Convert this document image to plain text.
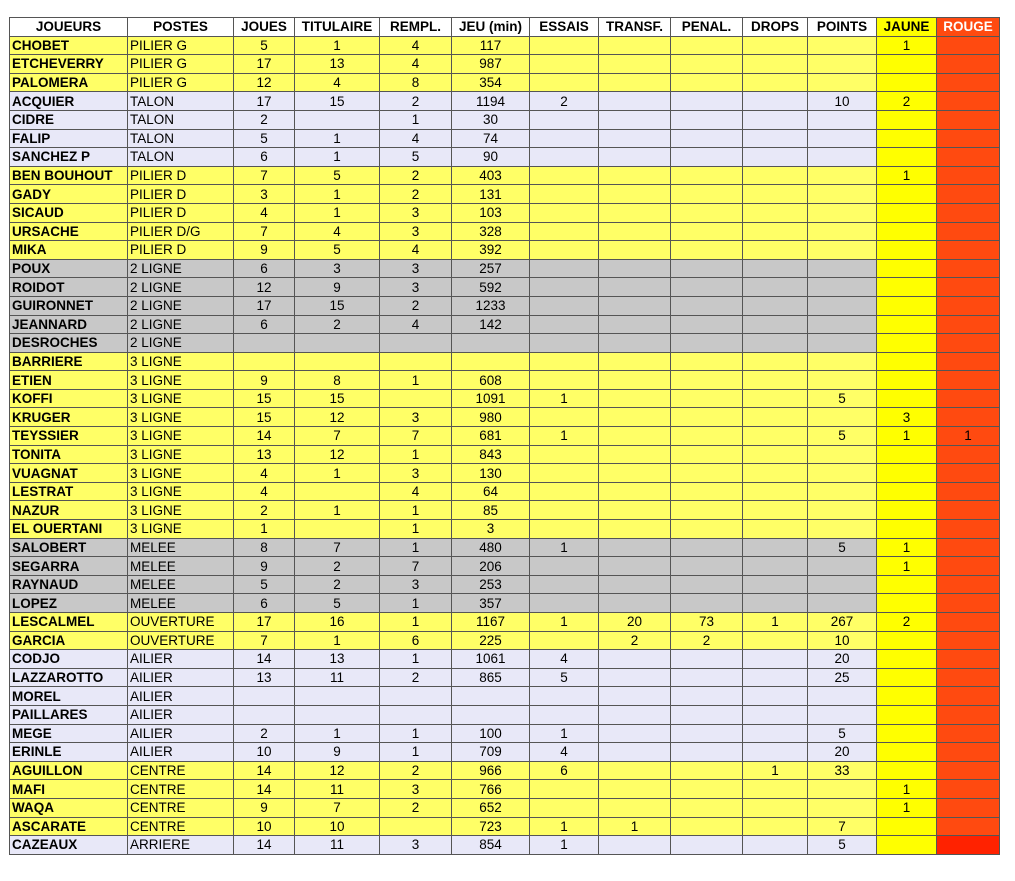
JOUEURS	POSTES	JOUES	TITULAIRE	REMPL.	JEU (min)	ESSAIS	TRANSF.	PENAL.	DROPS	POINTS	JAUNE	ROUGE
CHOBET	PILIER G	5	1	4	117						1	
ETCHEVERRY	PILIER G	17	13	4	987							
PALOMERA	PILIER G	12	4	8	354							
ACQUIER	TALON	17	15	2	1194	2				10	2	
CIDRE	TALON	2		1	30							
FALIP	TALON	5	1	4	74							
SANCHEZ P	TALON	6	1	5	90							
BEN BOUHOUT	PILIER D	7	5	2	403						1	
GADY	PILIER D	3	1	2	131							
SICAUD	PILIER D	4	1	3	103							
URSACHE	PILIER D/G	7	4	3	328							
MIKA	PILIER D	9	5	4	392							
POUX	2 LIGNE	6	3	3	257							
ROIDOT	2 LIGNE	12	9	3	592							
GUIRONNET	2 LIGNE	17	15	2	1233							
JEANNARD	2 LIGNE	6	2	4	142							
DESROCHES	2 LIGNE											
BARRIERE	3 LIGNE											
ETIEN	3 LIGNE	9	8	1	608							
KOFFI	3 LIGNE	15	15		1091	1				5		
KRUGER	3 LIGNE	15	12	3	980						3	
TEYSSIER	3 LIGNE	14	7	7	681	1				5	1	1
TONITA	3 LIGNE	13	12	1	843							
VUAGNAT	3 LIGNE	4	1	3	130							
LESTRAT	3 LIGNE	4		4	64							
NAZUR	3 LIGNE	2	1	1	85							
EL OUERTANI	3 LIGNE	1		1	3							
SALOBERT	MELEE	8	7	1	480	1				5	1	
SEGARRA	MELEE	9	2	7	206						1	
RAYNAUD	MELEE	5	2	3	253							
LOPEZ	MELEE	6	5	1	357							
LESCALMEL	OUVERTURE	17	16	1	1167	1	20	73	1	267	2	
GARCIA	OUVERTURE	7	1	6	225		2	2		10		
CODJO	AILIER	14	13	1	1061	4				20		
LAZZAROTTO	AILIER	13	11	2	865	5				25		
MOREL	AILIER											
PAILLARES	AILIER											
MEGE	AILIER	2	1	1	100	1				5		
ERINLE	AILIER	10	9	1	709	4				20		
AGUILLON	CENTRE	14	12	2	966	6			1	33		
MAFI	CENTRE	14	11	3	766						1	
WAQA	CENTRE	9	7	2	652						1	
ASCARATE	CENTRE	10	10		723	1	1			7		
CAZEAUX	ARRIERE	14	11	3	854	1				5		
